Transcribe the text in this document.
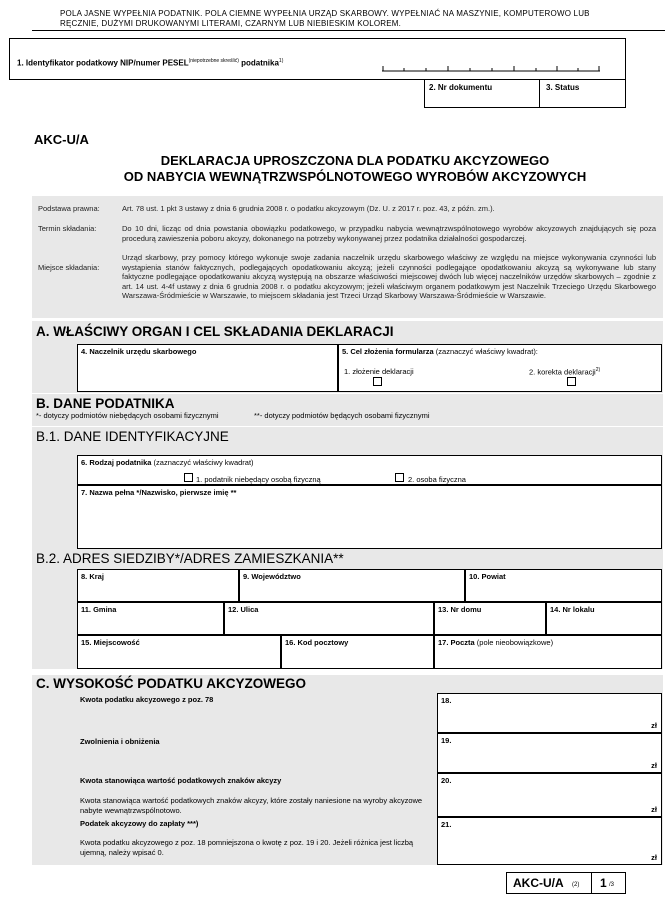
POLA JASNE WYPEŁNIA PODATNIK. POLA CIEMNE WYPEŁNIA URZĄD SKARBOWY. WYPEŁNIAĆ NA MASZYNIE, KOMPUTEROWO LUB RĘCZNIE, DUŻYMI DRUKOWANYMI LITERAMI, CZARNYM LUB NIEBIESKIM KOLOREM.
1. Identyfikator podatkowy NIP/numer $PESEL^{(niepotrzebne skreślić)}$ podatnika$^{1)}$
2. Nr dokumentu	3. Status
AKC-U/A
DEKLARACJA UPROSZCZONA DLA PODATKU AKCYZOWEGO
OD NABYCIA WEWNĄTRZWSPÓLNOTOWEGO WYROBÓW AKCYZOWYCH
Podstawa prawna:	Art. 78 ust. 1 pkt 3 ustawy z dnia 6 grudnia 2008 r. o podatku akcyzowym (Dz. U. z 2017 r. poz. 43, z późn. zm.).
Termin składania:	Do 10 dni, licząc od dnia powstania obowiązku podatkowego, w przypadku nabycia wewnątrzwspólnotowego wyrobów akcyzowych znajdujących się poza procedurą zawieszenia poboru akcyzy, dokonanego na potrzeby wykonywanej przez podatnika działalności gospodarczej.
Miejsce składania:
Urząd skarbowy, przy pomocy którego wykonuje swoje zadania naczelnik urzędu skarbowego właściwy ze względu na miejsce wykonywania czynności lub wystąpienia stanów faktycznych, podlegających opodatkowaniu akcyzą; jeżeli czynności podlegające opodatkowaniu akcyzą są wykonywane lub stany faktyczne podlegające opodatkowaniu akcyzą występują na obszarze właściwości miejscowej dwóch lub więcej naczelników urzędów skarbowych – zgodnie z art. 14 ust. 4-4f ustawy z dnia 6 grudnia 2008 r. o podatku akcyzowym; jeżeli właściwym organem podatkowym jest Naczelnik Trzeciego Urzędu Skarbowego Warszawa-Śródmieście w Warszawie, to miejscem składania jest Trzeci Urząd Skarbowy Warszawa-Śródmieście w Warszawie.
A. WŁAŚCIWY ORGAN I CEL SKŁADANIA DEKLARACJI
4. Naczelnik urzędu skarbowego	5. Cel złożenia formularza (zaznaczyć właściwy kwadrat):
1. złożenie deklaracji	2. korekta deklaracji$^{2)}$
B. DANE PODATNIKA
*- dotyczy podmiotów niebędących osobami fizycznymi	**- dotyczy podmiotów będących osobami fizycznymi
B.1. DANE IDENTYFIKACYJNE
6. Rodzaj podatnika (zaznaczyć właściwy kwadrat)
1. podatnik niebędący osobą fizyczną	2. osoba fizyczna
7. Nazwa pełna */Nazwisko, pierwsze imię **
B.2. ADRES SIEDZIBY*/ADRES ZAMIESZKANIA**
8. Kraj	9. Województwo	10. Powiat
11. Gmina	12. Ulica	13. Nr domu	14. Nr lokalu
15. Miejscowość	16. Kod pocztowy	17. Poczta (pole nieobowiązkowe)
C. WYSOKOŚĆ PODATKU AKCYZOWEGO
Kwota podatku akcyzowego z poz. 78	18.
zł
Zwolnienia i obniżenia	19.
zł
Kwota stanowiąca wartość podatkowych znaków akcyzy
Kwota stanowiąca wartość podatkowych znaków akcyzy, które zostały naniesione na wyroby akcyzowe nabyte wewnątrzwspólnotowo.
20.
zł
Podatek akcyzowy do zapłaty ***)
Kwota podatku akcyzowego z poz. 18 pomniejszona o kwotę z poz. 19 i 20. Jeżeli różnica jest liczbą ujemną, należy wpisać 0.
21.
zł
AKC-U/A (2) 1 /3
